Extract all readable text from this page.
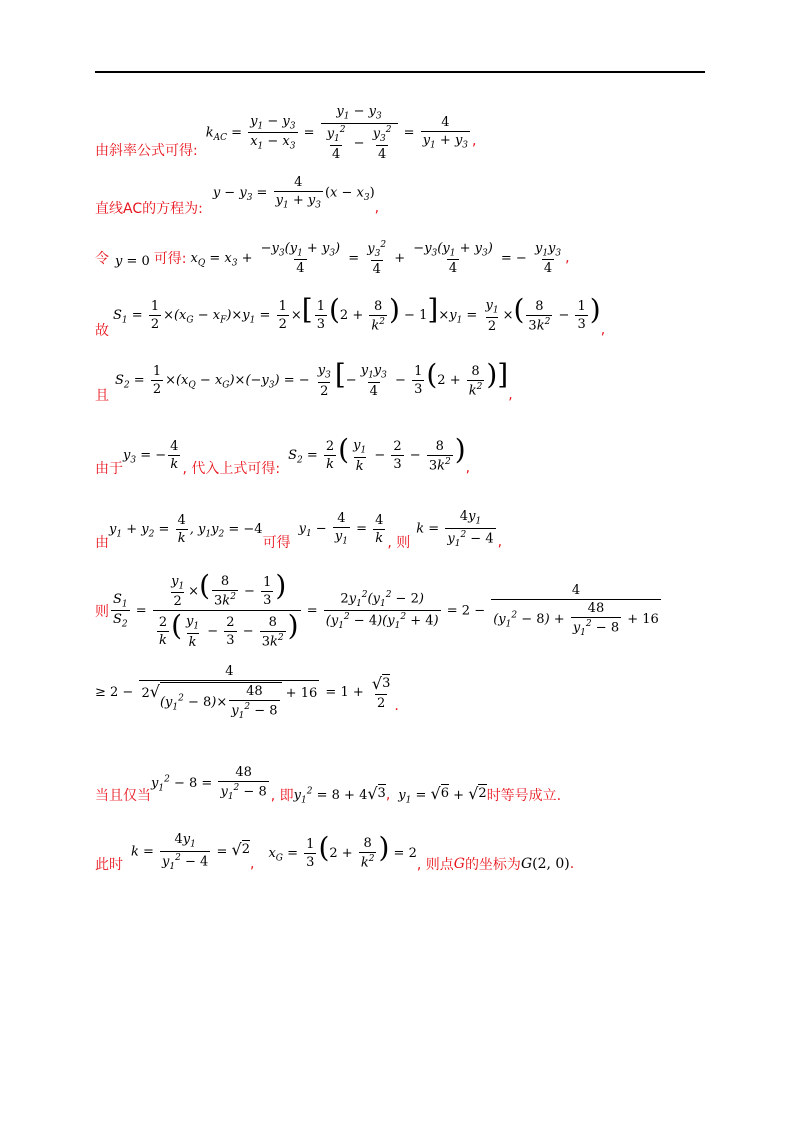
由斜率公式可得:
$k_{AC} = \frac{y_1 - y_3}{x_1 - x_3} = \frac{y_1 - y_3}{\frac{y_1^2}{4} - \frac{y_3^2}{4}} = \frac{4}{y_1 + y_3}$ ,
直线AC的方程为:
$y - y_3 = \frac{4}{y_1 + y_3} (x - x_3)$
,
令 y = 0 可得: $x_Q = x_3 + \frac{-y_3(y_1 + y_3)}{4} = \frac{y_3^2}{4} + \frac{-y_3(y_1 + y_3)}{4}$ = − $\frac{y_1y_3}{4}$ ,
故
$S_1 = \frac{1}{2} \times(x_G - x_F)\times y_1 = \frac{1}{2}$ ×[ $\frac{1}{3} (2 + \frac{8}{k^2}$ ) − $1]\times y_1 = \frac{y_1}{2}$ ×( $\frac{8}{3k^2} - \frac{1}{3}$ )
,
且
$S_2 = \frac{1}{2} \times(x_Q - x_G)\times(-y_3)$ = − $\frac{y_3}{2}$ [− $\frac{y_1y_3}{4} - \frac{1}{3} (2 + \frac{8}{k^2}$ )]
,
由于
$y_3$ = − $\frac{4}{k}$ , 代入上式可得:
$S_2 = \frac{2}{k}$ ( $\frac{y_1}{k} - \frac{2}{3} - \frac{8}{3k^2}$ )
,
由
$y_1 + y_2 = \frac{4}{k}$ , $y_1y_2 = -4$
可得
$y_1 - \frac{4}{y_1} = \frac{4}{k}$ , 则
$k = \frac{4y_1}{y_1^2 - 4}$ ,
则 $\frac{S_1}{S_2} = \frac{\frac{y_1}{2} \times( \frac{8}{3k^2} - \frac{1}{3} )}{\frac{2}{k} ( \frac{y_1}{k} - \frac{2}{3} - \frac{8}{3k^2} )} = \frac{2y_1^2(y_1^2 - 2)}{(y_1^2 - 4)(y_1^2 + 4)} = 2 - \frac{4}{(y_1^2 - 8) + \frac{48}{y_1^2 - 8} + 16}$
≥ 2 − 4
2 √
$(y_1^2 - 8)\times \frac{48}{y_1^2 - 8} + 16 = 1 + \frac{√ 3}{2}$ .
当且仅当
$y_1^2 - 8 = \frac{48}{y_1^2 - 8}$ , 即 $y_1^2 = 8 + 4$ √ 3 , $y_1$ = √ 6 + √ 2 时等号成立.
此时
$k = \frac{4y_1}{y_1^2 - 4}$ = √ 2
,
$x_G = \frac{1}{3} (2 + \frac{8}{k^2}$ ) = 2
, 则点 G 的坐标为 G(2, 0) .
